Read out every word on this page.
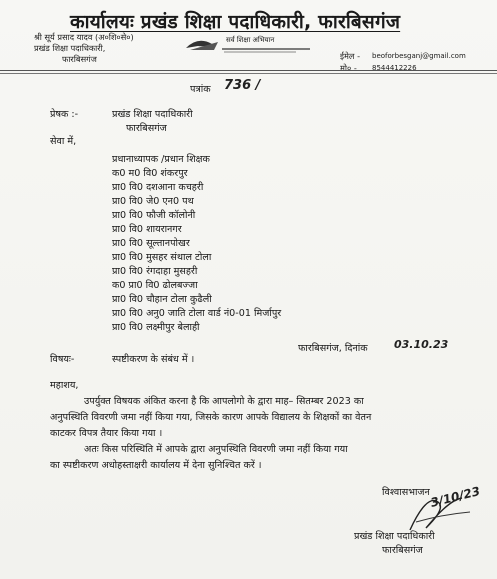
कार्यालयः प्रखंड शिक्षा पदाधिकारी, फारबिसगंज
श्री सूर्य प्रसाद यादव (अ०शि०से०)
प्रखंड शिक्षा पदाधिकारी,
फारबिसगंज
सर्व शिक्षा अभियान
ईमेल - beoforbesganj@gmail.com
मो० - 8544412226
पत्रांक 736 /
प्रेषक :-	प्रखंड शिक्षा पदाधिकारी
फारबिसगंज
सेवा में,
प्रधानाध्यापक /प्रधान शिक्षक
क0 म0 वि0 शंकरपुर
प्रा0 वि0 दशआना कचहरी
प्रा0 वि0 जे0 एन0 पथ
प्रा0 वि0 फौजी कॉलोनी
प्रा0 वि0 शायरानगर
प्रा0 वि0 सूल्तानपोखर
प्रा0 वि0 मुसहर संथाल टोला
प्रा0 वि0 रंगदाहा मुसहरी
क0 प्रा0 वि0 ढोलबज्जा
प्रा0 वि0 चौहान टोला कुढैली
प्रा0 वि0 अनु0 जाति टोला वार्ड नं0-01 मिर्जापुर
प्रा0 वि0 लक्ष्मीपुर बेलाही
फारबिसगंज, दिनांक 03.10.23
विषयः-	स्पष्टीकरण के संबंध में ।
महाशय,
उपर्युक्त विषयक अंकित करना है कि आपलोगो के द्वारा माह– सितम्बर 2023 का
अनुपस्थिति विवरणी जमा नहीं किया गया, जिसके कारण आपके विद्यालय के शिक्षकों का वेतन
काटकर विपत्र तैयार किया गया ।
अतः किस परिस्थिति में आपके द्वारा अनुपस्थिति विवरणी जमा नहीं किया गया
का स्पष्टीकरण अधोहस्ताक्षरी कार्यालय में देना सुनिश्चित करें ।
विश्वासभाजन 3/10/23
प्रखंड शिक्षा पदाधिकारी
फारबिसगंज
